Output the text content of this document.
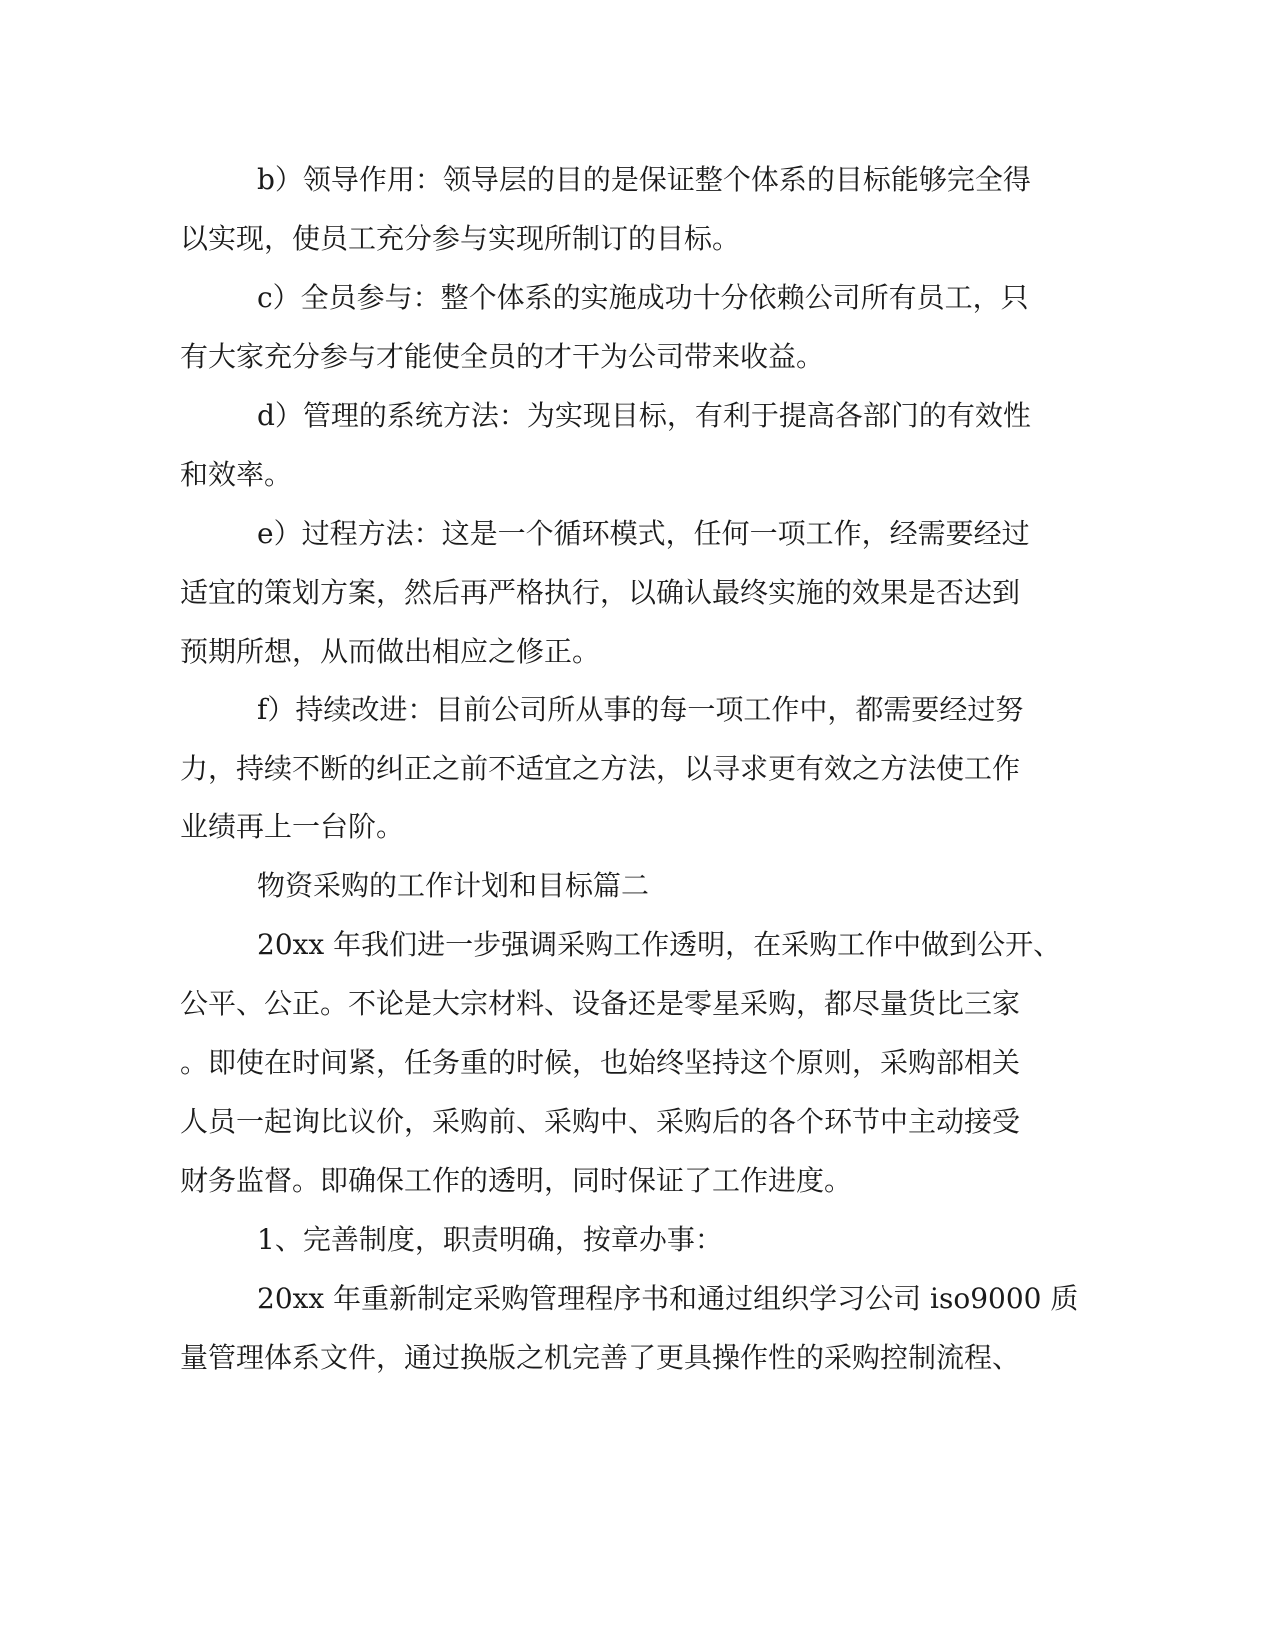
b）领导作用：领导层的目的是保证整个体系的目标能够完全得
以实现，使员工充分参与实现所制订的目标。
c）全员参与：整个体系的实施成功十分依赖公司所有员工，只
有大家充分参与才能使全员的才干为公司带来收益。
d）管理的系统方法：为实现目标，有利于提高各部门的有效性
和效率。
e）过程方法：这是一个循环模式，任何一项工作，经需要经过
适宜的策划方案，然后再严格执行，以确认最终实施的效果是否达到
预期所想，从而做出相应之修正。
f）持续改进：目前公司所从事的每一项工作中，都需要经过努
力，持续不断的纠正之前不适宜之方法，以寻求更有效之方法使工作
业绩再上一台阶。
物资采购的工作计划和目标篇二
20xx 年我们进一步强调采购工作透明，在采购工作中做到公开、
公平、公正。不论是大宗材料、设备还是零星采购，都尽量货比三家
。即使在时间紧，任务重的时候，也始终坚持这个原则，采购部相关
人员一起询比议价，采购前、采购中、采购后的各个环节中主动接受
财务监督。即确保工作的透明，同时保证了工作进度。
1、完善制度，职责明确，按章办事：
20xx 年重新制定采购管理程序书和通过组织学习公司 iso9000 质
量管理体系文件，通过换版之机完善了更具操作性的采购控制流程、
